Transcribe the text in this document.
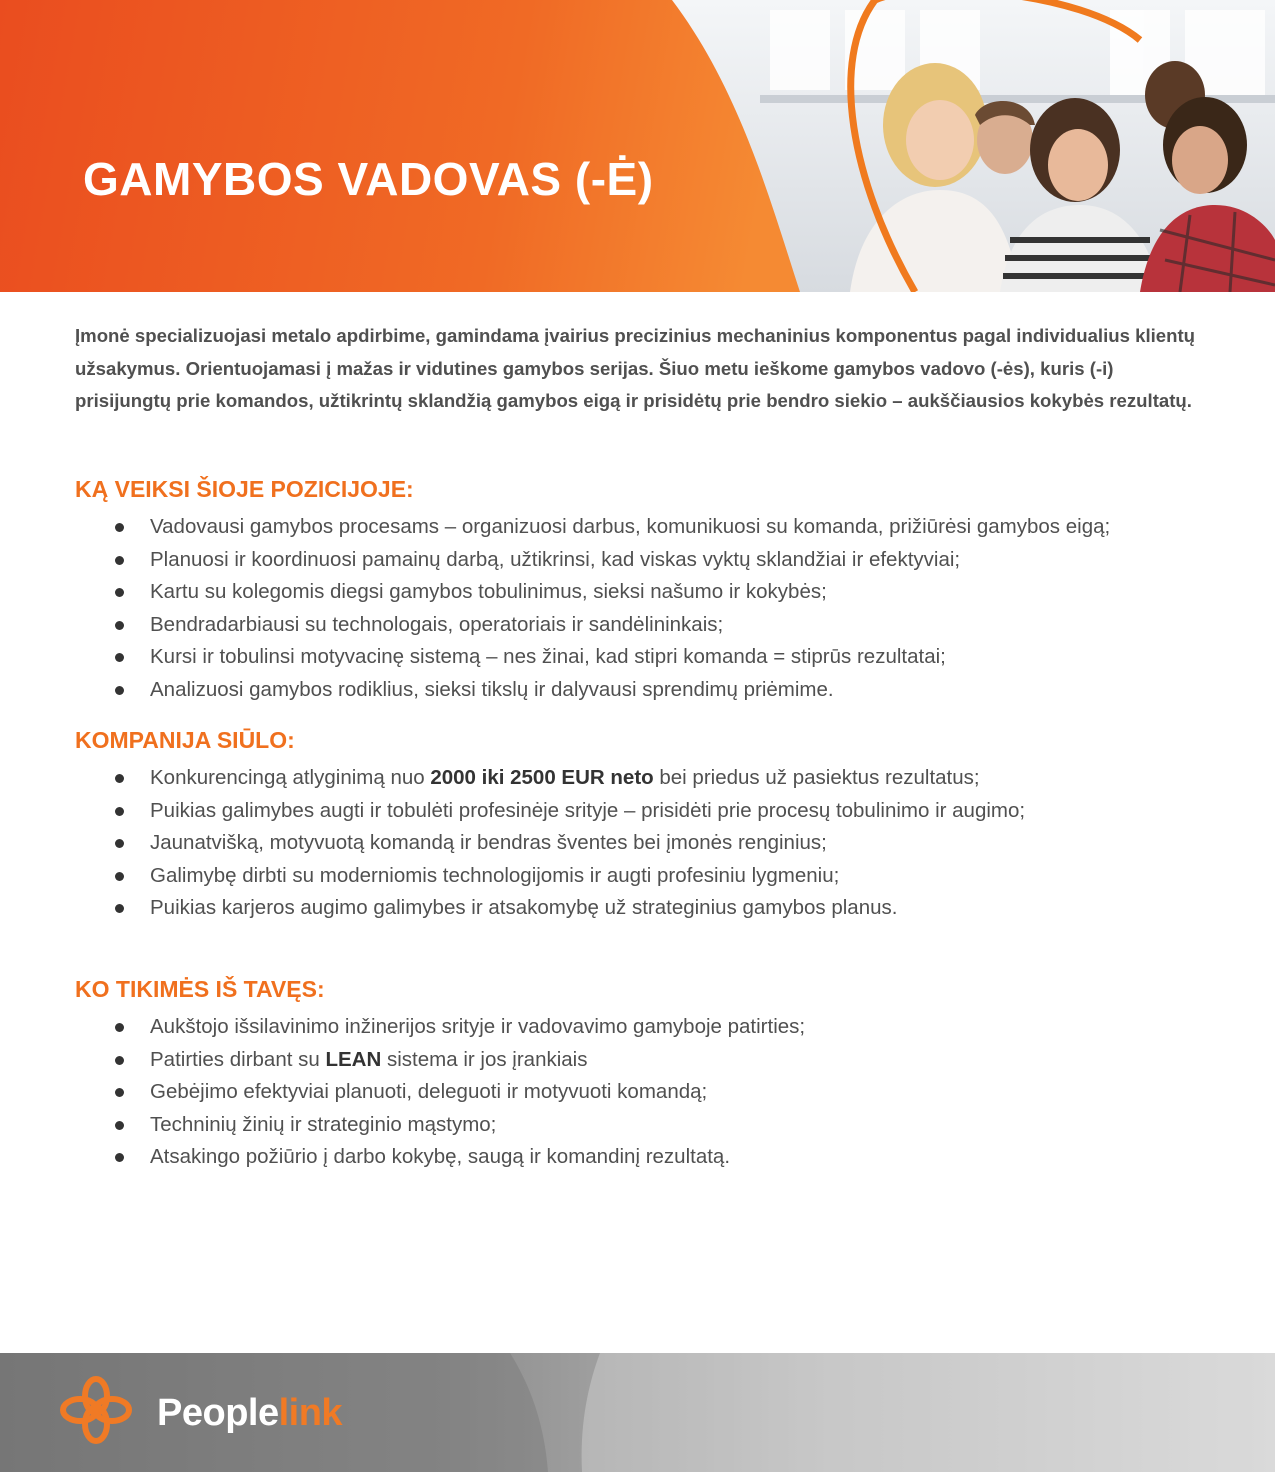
GAMYBOS VADOVAS (-Ė)

Įmonė specializuojasi metalo apdirbime, gamindama įvairius precizinius mechaninius komponentus pagal individualius klientų užsakymus. Orientuojamasi į mažas ir vidutines gamybos serijas. Šiuo metu ieškome gamybos vadovo (-ės), kuris (-i) prisijungtų prie komandos, užtikrintų sklandžią gamybos eigą ir prisidėtų prie bendro siekio – aukščiausios kokybės rezultatų.

KĄ VEIKSI ŠIOJE POZICIJOJE:
Vadovausi gamybos procesams – organizuosi darbus, komunikuosi su komanda, prižiūrėsi gamybos eigą;
Planuosi ir koordinuosi pamainų darbą, užtikrinsi, kad viskas vyktų sklandžiai ir efektyviai;
Kartu su kolegomis diegsi gamybos tobulinimus, sieksi našumo ir kokybės;
Bendradarbiausi su technologais, operatoriais ir sandėlininkais;
Kursi ir tobulinsi motyvacinę sistemą – nes žinai, kad stipri komanda = stiprūs rezultatai;
Analizuosi gamybos rodiklius, sieksi tikslų ir dalyvausi sprendimų priėmime.
KOMPANIJA SIŪLO:
Konkurencingą atlyginimą nuo 2000 iki 2500 EUR neto bei priedus už pasiektus rezultatus;
Puikias galimybes augti ir tobulėti profesinėje srityje – prisidėti prie procesų tobulinimo ir augimo;
Jaunatvišką, motyvuotą komandą ir bendras šventes bei įmonės renginius;
Galimybę dirbti su moderniomis technologijomis ir augti profesiniu lygmeniu;
Puikias karjeros augimo galimybes ir atsakomybę už strateginius gamybos planus.
KO TIKIMĖS IŠ TAVĘS:
Aukštojo išsilavinimo inžinerijos srityje ir vadovavimo gamyboje patirties;
Patirties dirbant su LEAN sistema ir jos įrankiais
Gebėjimo efektyviai planuoti, deleguoti ir motyvuoti komandą;
Techninių žinių ir strateginio mąstymo;
Atsakingo požiūrio į darbo kokybę, saugą ir komandinį rezultatą.
Peoplelink
